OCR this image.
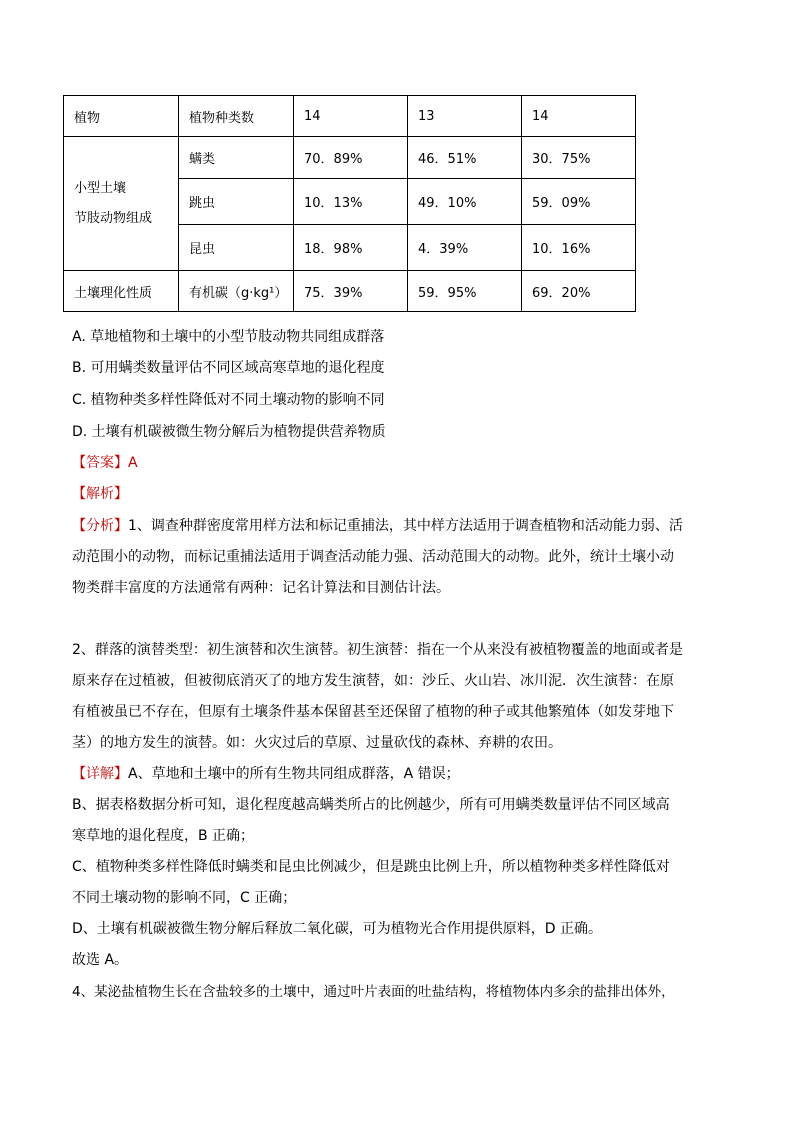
植物	植物种类数	14	13	14

小型土壤
节肢动物组成	螨类	70．89%	46．51%	30．75%
	跳虫	10．13%	49．10%	59．09%
	昆虫	18．98%	4．39%	10．16%
土壤理化性质	有机碳（g·kg¹）	75．39%	59．95%	69．20%
A. 草地植物和土壤中的小型节肢动物共同组成群落
B. 可用螨类数量评估不同区域高寒草地的退化程度
C. 植物种类多样性降低对不同土壤动物的影响不同
D. 土壤有机碳被微生物分解后为植物提供营养物质
【答案】A
【解析】
【分析】1、调查种群密度常用样方法和标记重捕法，其中样方法适用于调查植物和活动能力弱、活
动范围小的动物，而标记重捕法适用于调查活动能力强、活动范围大的动物。此外，统计土壤小动
物类群丰富度的方法通常有两种：记名计算法和目测估计法。
2、群落的演替类型：初生演替和次生演替。初生演替：指在一个从来没有被植物覆盖的地面或者是
原来存在过植被，但被彻底消灭了的地方发生演替，如：沙丘、火山岩、冰川泥．次生演替：在原
有植被虽已不存在，但原有土壤条件基本保留甚至还保留了植物的种子或其他繁殖体（如发芽地下
茎）的地方发生的演替。如：火灾过后的草原、过量砍伐的森林、弃耕的农田。
【详解】A、草地和土壤中的所有生物共同组成群落，A 错误；
B、据表格数据分析可知，退化程度越高螨类所占的比例越少，所有可用螨类数量评估不同区域高
寒草地的退化程度，B 正确；
C、植物种类多样性降低时螨类和昆虫比例减少，但是跳虫比例上升，所以植物种类多样性降低对
不同土壤动物的影响不同，C 正确；
D、土壤有机碳被微生物分解后释放二氧化碳，可为植物光合作用提供原料，D 正确。
故选 A。
4、某泌盐植物生长在含盐较多的土壤中，通过叶片表面的吐盐结构，将植物体内多余的盐排出体外，
